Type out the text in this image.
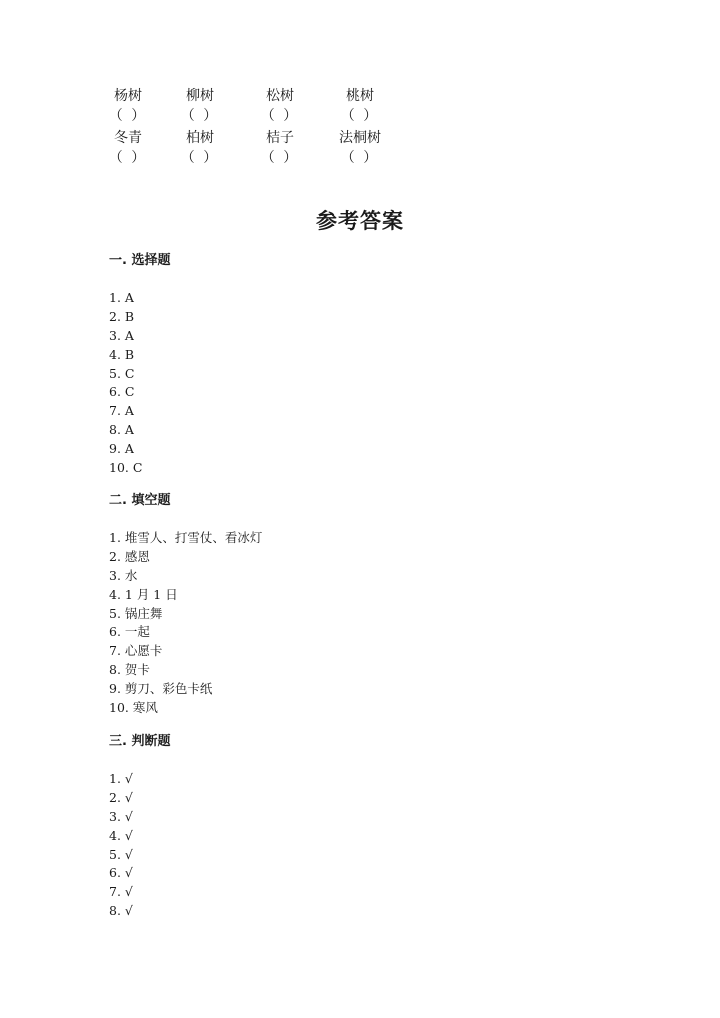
杨树
（ ）
柳树
（ ）
松树
（ ）
桃树
（ ）
冬青
（ ）
柏树
（ ）
桔子
（ ）
法桐树
（ ）
参考答案
一. 选择题
1. A
2. B
3. A
4. B
5. C
6. C
7. A
8. A
9. A
10. C
二. 填空题
1. 堆雪人、打雪仗、看冰灯
2. 感恩
3. 水
4. 1 月 1 日
5. 锅庄舞
6. 一起
7. 心愿卡
8. 贺卡
9. 剪刀、彩色卡纸
10. 寒风
三. 判断题
1. √
2. √
3. √
4. √
5. √
6. √
7. √
8. √
